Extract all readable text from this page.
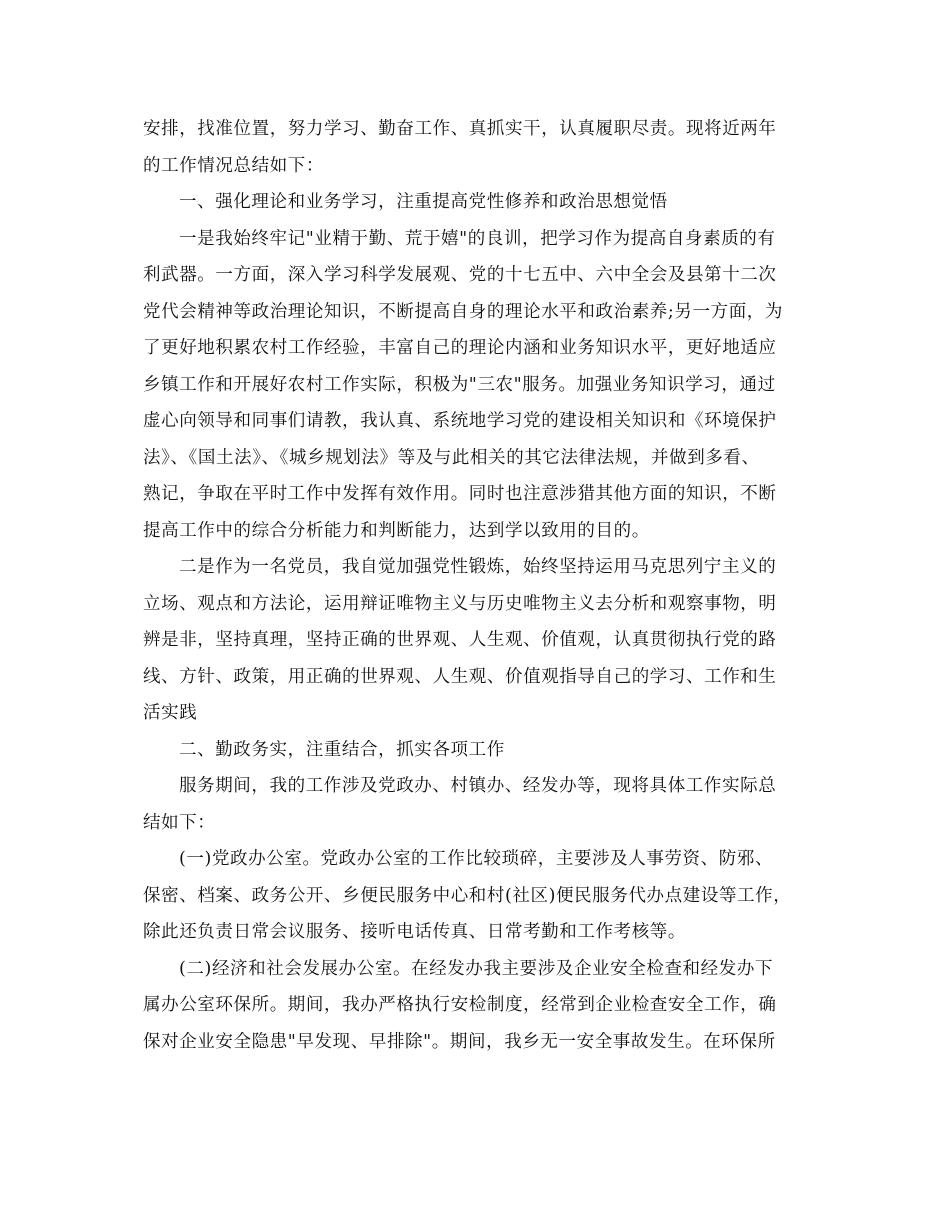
安排，找准位置，努力学习、勤奋工作、真抓实干，认真履职尽责。现将近两年
的工作情况总结如下：
一、强化理论和业务学习，注重提高党性修养和政治思想觉悟
一是我始终牢记"业精于勤、荒于嬉"的良训，把学习作为提高自身素质的有
利武器。一方面，深入学习科学发展观、党的十七五中、六中全会及县第十二次
党代会精神等政治理论知识，不断提高自身的理论水平和政治素养;另一方面，为
了更好地积累农村工作经验，丰富自己的理论内涵和业务知识水平，更好地适应
乡镇工作和开展好农村工作实际，积极为"三农"服务。加强业务知识学习，通过
虚心向领导和同事们请教，我认真、系统地学习党的建设相关知识和《环境保护
法》、《国土法》、《城乡规划法》等及与此相关的其它法律法规，并做到多看、
熟记，争取在平时工作中发挥有效作用。同时也注意涉猎其他方面的知识，不断
提高工作中的综合分析能力和判断能力，达到学以致用的目的。
二是作为一名党员，我自觉加强党性锻炼，始终坚持运用马克思列宁主义的
立场、观点和方法论，运用辩证唯物主义与历史唯物主义去分析和观察事物，明
辨是非，坚持真理，坚持正确的世界观、人生观、价值观，认真贯彻执行党的路
线、方针、政策，用正确的世界观、人生观、价值观指导自己的学习、工作和生
活实践
二、勤政务实，注重结合，抓实各项工作
服务期间，我的工作涉及党政办、村镇办、经发办等，现将具体工作实际总
结如下：
(一)党政办公室。党政办公室的工作比较琐碎，主要涉及人事劳资、防邪、
保密、档案、政务公开、乡便民服务中心和村(社区)便民服务代办点建设等工作，
除此还负责日常会议服务、接听电话传真、日常考勤和工作考核等。
(二)经济和社会发展办公室。在经发办我主要涉及企业安全检查和经发办下
属办公室环保所。期间，我办严格执行安检制度，经常到企业检查安全工作，确
保对企业安全隐患"早发现、早排除"。期间，我乡无一安全事故发生。在环保所
